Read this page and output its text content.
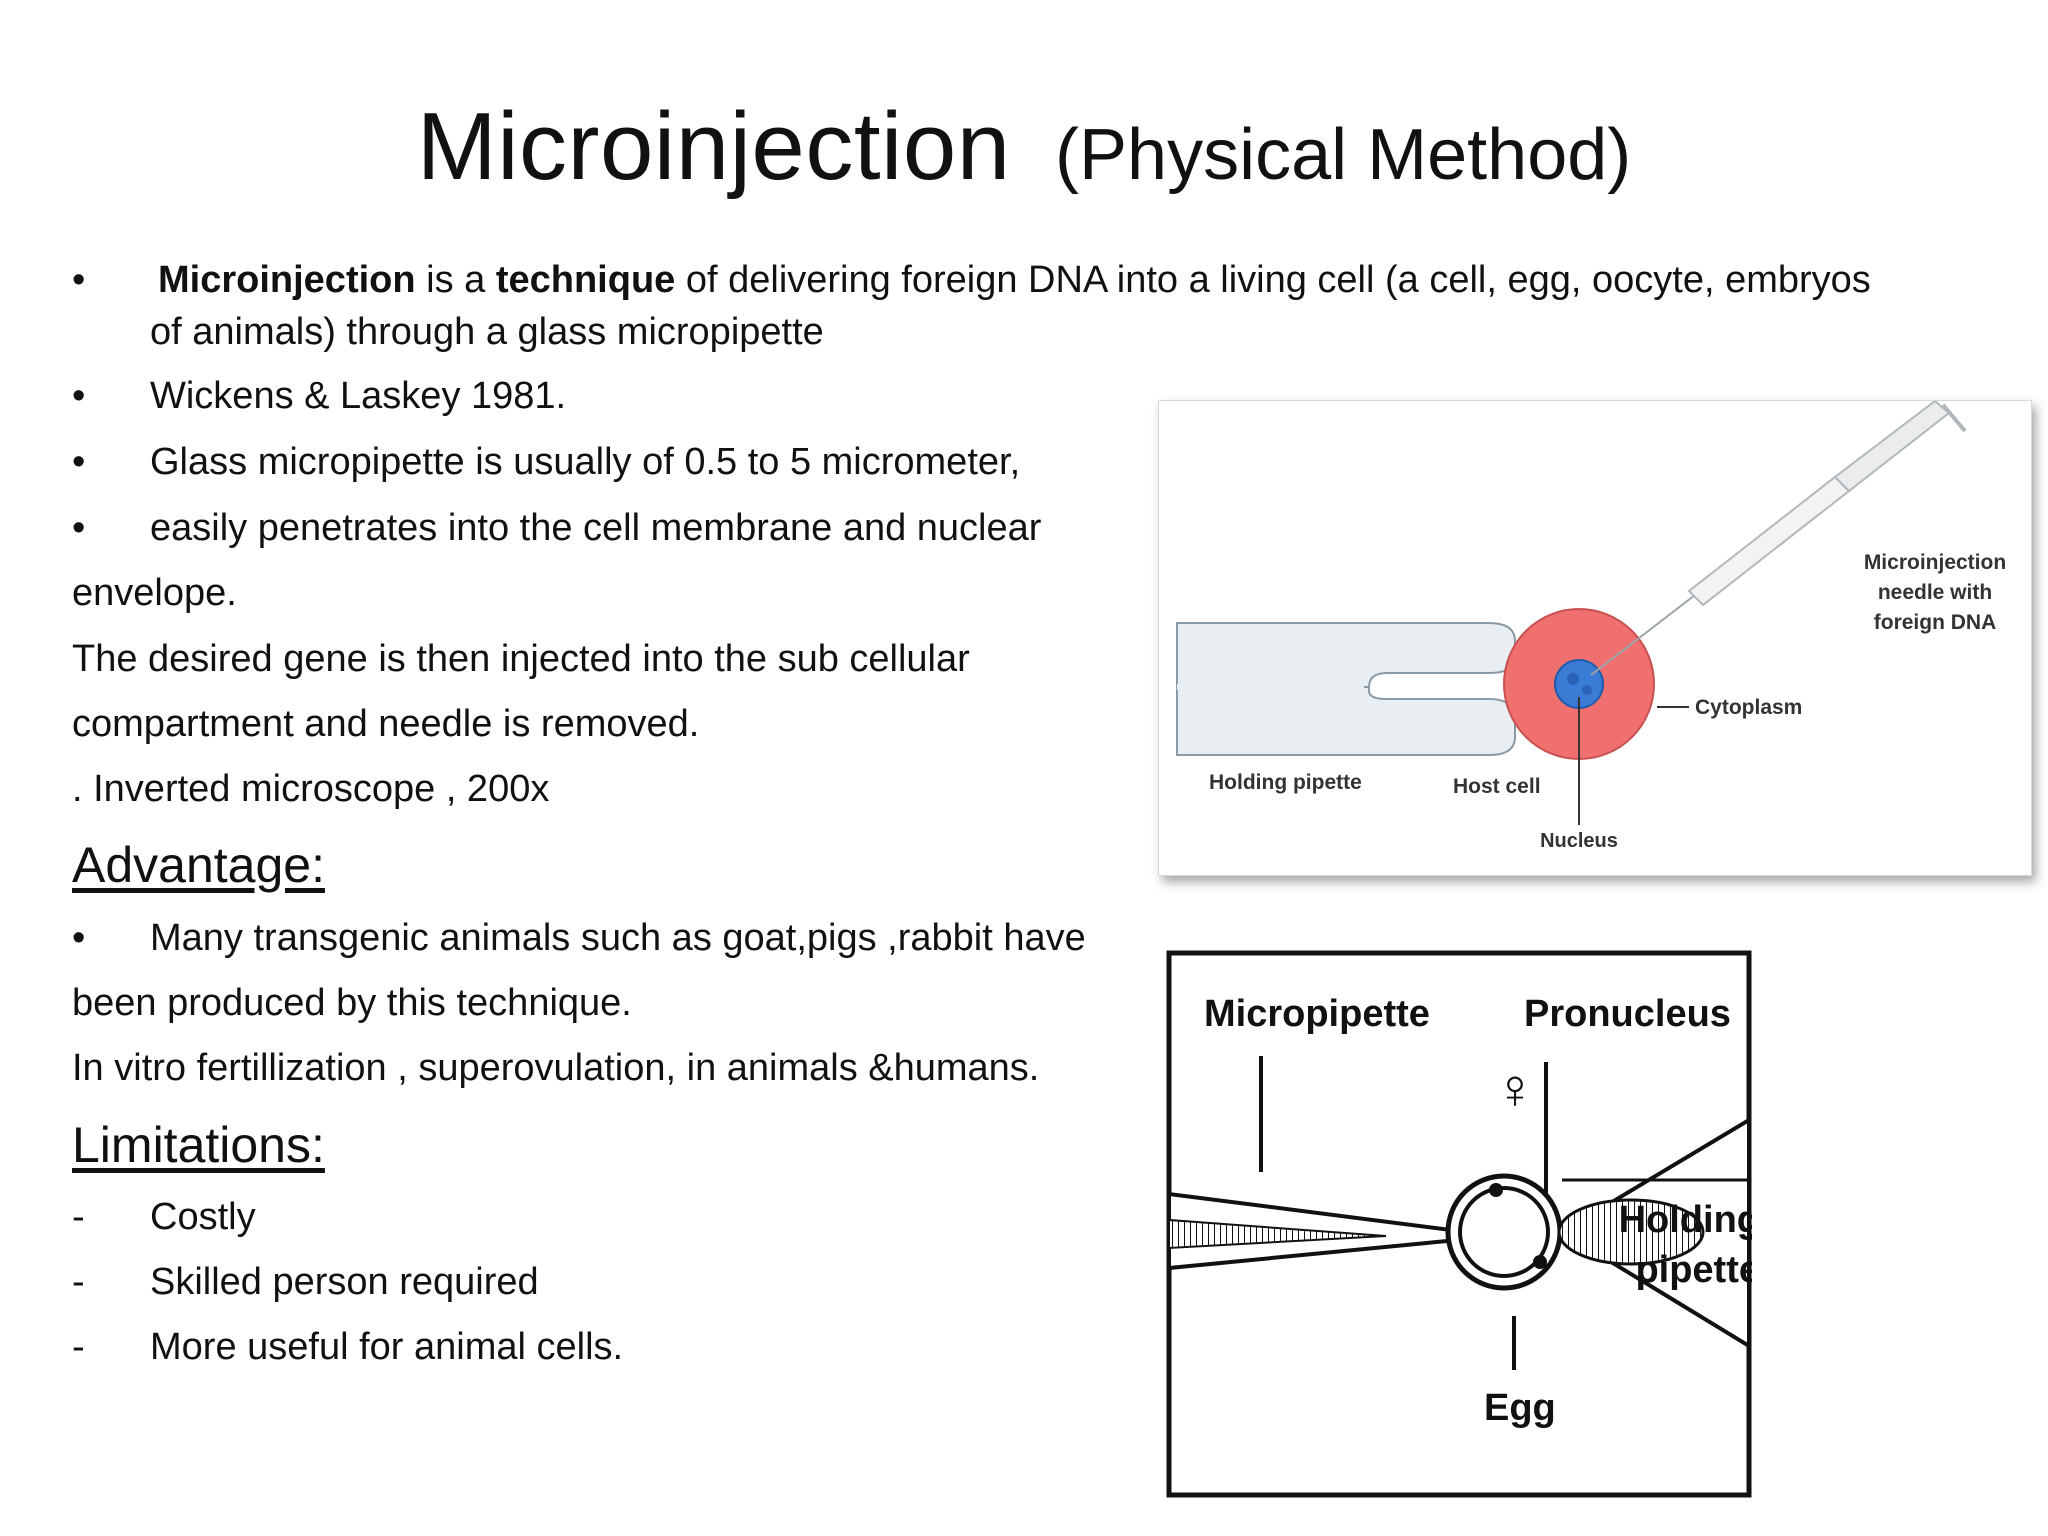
Microinjection (Physical Method)
• Microinjection is a technique of delivering foreign DNA into a living cell (a cell, egg, oocyte, embryos
of animals) through a glass micropipette
• Wickens & Laskey 1981.
• Glass micropipette is usually of 0.5 to 5 micrometer,
• easily penetrates into the cell membrane and nuclear
envelope.
The desired gene is then injected into the sub cellular
compartment and needle is removed.
. Inverted microscope , 200x
Advantage:
• Many transgenic animals such as goat,pigs ,rabbit have
been produced by this technique.
In vitro fertillization , superovulation, in animals &humans.
Limitations:
- Costly
- Skilled person required
- More useful for animal cells.
Microinjection
needle with
foreign DNA
Cytoplasm
Holding pipette	Host cell
Nucleus
Micropipette Pronucleus
♀
Holding
pipette
Egg
